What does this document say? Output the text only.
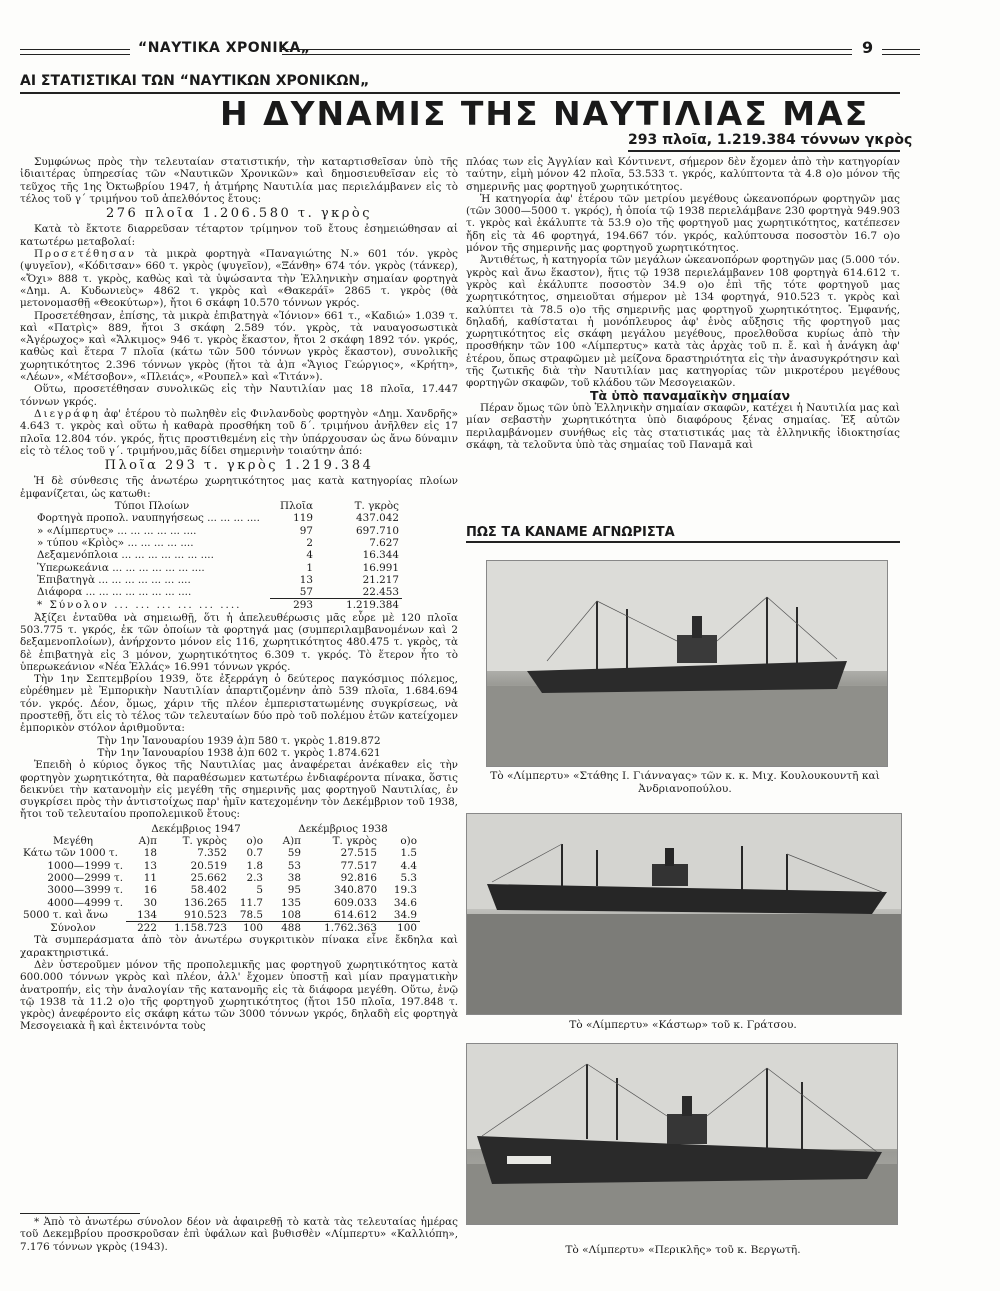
“ΝΑΥΤΙΚΑ ΧΡΟΝΙΚΑ„	9
ΑΙ ΣΤΑΤΙΣΤΙΚΑΙ ΤΩΝ “ΝΑΥΤΙΚΩΝ ΧΡΟΝΙΚΩΝ„
Η ΔΥΝΑΜΙΣ ΤΗΣ ΝΑΥΤΙΛΙΑΣ ΜΑΣ
293 πλοῖα, 1.219.384 τόννων γκρὸς

Συμφώνως πρὸς τὴν τελευταίαν στατιστικήν, τὴν καταρτισθεῖσαν ὑπὸ τῆς ἰδιαιτέρας ὑπηρεσίας τῶν «Ναυτικῶν Χρονικῶν» καὶ δημοσιευθεῖσαν εἰς τὸ τεῦχος τῆς 1ης Ὀκτωβρίου 1947, ἡ ἀτμήρης Ναυτιλία μας περιελάμβανεν εἰς τὸ τέλος τοῦ γ΄ τριμήνου τοῦ ἀπελθόντος ἔτους:

276 πλοῖα 1.206.580 τ. γκρὸς

Κατὰ τὸ ἔκτοτε διαρρεῦσαν τέταρτον τρίμηνον τοῦ ἔτους ἐσημειώθησαν αἱ κατωτέρω μεταβολαί:

Προσετέθησαν τὰ μικρὰ φορτηγὰ «Παναγιώτης Ν.» 601 τόν. γκρὸς (ψυγεῖον), «Κόδιτσαν» 660 τ. γκρὸς (ψυγεῖον), «Ξάνθη» 674 τόν. γκρὸς (τάνκερ), «Ὄχι» 888 τ. γκρὸς, καθὼς καὶ τὰ ὑψώσαντα τὴν Ἑλληνικὴν σημαίαν φορτηγὰ «Δημ. Α. Κυδωνιεὺς» 4862 τ. γκρὸς καὶ «Θακεράϊ» 2865 τ. γκρὸς (θὰ μετονομασθῇ «Θεοκύτωρ»), ἤτοι 6 σκάφη 10.570 τόννων γκρός.

Προσετέθησαν, ἐπίσης, τὰ μικρὰ ἐπιβατηγὰ «Ἰόνιον» 661 τ., «Καδιώ» 1.039 τ. καὶ «Πατρὶς» 889, ἤτοι 3 σκάφη 2.589 τόν. γκρὸς, τὰ ναυαγοσωστικὰ «Ἀγέρωχος» καὶ «Ἄλκιμος» 946 τ. γκρὸς ἕκαστον, ἤτοι 2 σκάφη 1892 τόν. γκρός, καθὼς καὶ ἕτερα 7 πλοῖα (κάτω τῶν 500 τόννων γκρὸς ἕκαστον), συνολικῆς χωρητικότητος 2.396 τόννων γκρὸς (ἤτοι τὰ ἀ)π «Ἅγιος Γεώργιος», «Κρήτη», «Λέων», «Μέτσοβον», «Πλειάς», «Ρουπελ» καὶ «Τιτάν»).

Οὕτω, προσετέθησαν συνολικῶς εἰς τὴν Ναυτιλίαν μας 18 πλοῖα, 17.447 τόννων γκρός.

Διεγράφη ἀφ' ἑτέρου τὸ πωληθὲν εἰς Φινλανδοὺς φορτηγὸν «Δημ. Χανδρῆς» 4.643 τ. γκρὸς καὶ οὕτω ἡ καθαρὰ προσθήκη τοῦ δ΄. τριμήνου ἀνῆλθεν εἰς 17 πλοῖα 12.804 τόν. γκρός, ἥτις προστιθεμένη εἰς τὴν ὑπάρχουσαν ὡς ἄνω δύναμιν εἰς τὸ τέλος τοῦ γ΄. τριμήνου,μᾶς δίδει σημερινὴν τοιαύτην ἀπό:

Πλοῖα 293 τ. γκρὸς 1.219.384

Ἡ δὲ σύνθεσις τῆς ἀνωτέρω χωρητικότητος μας κατὰ κατηγορίας πλοίων ἐμφανίζεται, ὡς κατωθι:

Τύποι Πλοίων	Πλοῖα	Τ. γκρὸς
Φορτηγὰ προπολ. ναυπηγήσεως ... ... ... ....	119	437.042
» «Λίμπερτυς» ... ... ... ... ... ....	97	697.710
» τύπου «Κρὶὸς» ... ... ... ... ....	2	7.627
Δεξαμενόπλοια ... ... ... ... ... ... ....	4	16.344
Ὑπερωκεάνια ... ... ... ... ... ... ....	1	16.991
Ἐπιβατηγὰ ... ... ... ... ... ... ....	13	21.217
Διάφορα ... ... ... ... ... ... ... ....	57	22.453
* Σύνολον ... ... ... ... ... ....	293	1.219.384

Ἀξίζει ἐνταῦθα νὰ σημειωθῇ, ὅτι ἡ ἀπελευθέρωσις μᾶς εὗρε μὲ 120 πλοῖα 503.775 τ. γκρός, ἐκ τῶν ὁποίων τὰ φορτηγά μας (συμπεριλαμβανομένων καὶ 2 δεξαμενοπλοίων), ἀνήρχοντο μόνον εἰς 116, χωρητικότητος 480.475 τ. γκρὸς, τὰ δὲ ἐπιβατηγὰ εἰς 3 μόνον, χωρητικότητος 6.309 τ. γκρός. Τὸ ἕτερον ἦτο τὸ ὑπερωκεάνιον «Νέα Ἑλλάς» 16.991 τόννων γκρός.

Τὴν 1ην Σεπτεμβρίου 1939, ὅτε ἐξερράγη ὁ δεύτερος παγκόσμιος πόλεμος, εὑρέθημεν μὲ Ἐμπορικὴν Ναυτιλίαν ἀπαρτιζομένην ἀπὸ 539 πλοῖα, 1.684.694 τόν. γκρός. Δέον, ὅμως, χάριν τῆς πλέον ἐμπεριστατωμένης συγκρίσεως, νὰ προστεθῇ, ὅτι εἰς τὸ τέλος τῶν τελευταίων δύο πρὸ τοῦ πολέμου ἐτῶν κατείχομεν ἐμπορικὸν στόλον ἀριθμοῦντα:

Τὴν 1ην Ἰανουαρίου 1939 ἀ)π 580 τ. γκρὸς 1.819.872

Τὴν 1ην Ἰανουαρίου 1938 ἀ)π 602 τ. γκρὸς 1.874.621

Ἐπειδὴ ὁ κύριος ὄγκος τῆς Ναυτιλίας μας ἀναφέρεται ἀνέκαθεν εἰς τὴν φορτηγὸν χωρητικότητα, θὰ παραθέσωμεν κατωτέρω ἐνδιαφέροντα πίνακα, ὅστις δεικνύει τὴν κατανομὴν εἰς μεγέθη τῆς σημερινῆς μας φορτηγοῦ Ναυτιλίας, ἐν συγκρίσει πρὸς τὴν ἀντιστοίχως παρ' ἡμῖν κατεχομένην τὸν Δεκέμβριον τοῦ 1938, ἤτοι τοῦ τελευταίου προπολεμικοῦ ἔτους:

	Δεκέμβριος 1947			Δεκέμβριος 1938		
Μεγέθη	Α)π	Τ. γκρὸς	ο)ο	Α)π	Τ. γκρὸς	ο)ο
Κάτω τῶν 1000 τ.	18	7.352	0.7	59	27.515	1.5
1000—1999 τ.	13	20.519	1.8	53	77.517	4.4
2000—2999 τ.	11	25.662	2.3	38	92.816	5.3
3000—3999 τ.	16	58.402	5	95	340.870	19.3
4000—4999 τ.	30	136.265	11.7	135	609.033	34.6
5000 τ. καὶ ἄνω	134	910.523	78.5	108	614.612	34.9
Σύνολον	222	1.158.723	100	488	1.762.363	100

Τὰ συμπεράσματα ἀπὸ τὸν ἀνωτέρω συγκριτικὸν πίνακα εἶνε ἔκδηλα καὶ χαρακτηριστικά.

Δὲν ὑστεροῦμεν μόνον τῆς προπολεμικῆς μας φορτηγοῦ χωρητικότητος κατὰ 600.000 τόννων γκρὸς καὶ πλέον, ἀλλ' ἔχομεν ὑποστῇ καὶ μίαν πραγματικὴν ἀνατροπήν, εἰς τὴν ἀναλογίαν τῆς κατανομῆς εἰς τὰ διάφορα μεγέθη. Οὕτω, ἐνῷ τῷ 1938 τὰ 11.2 ο)ο τῆς φορτηγοῦ χωρητικότητος (ἤτοι 150 πλοῖα, 197.848 τ. γκρὸς) ἀνεφέροντο εἰς σκάφη κάτω τῶν 3000 τόννων γκρός, δηλαδὴ εἰς φορτηγὰ Μεσογειακὰ ἢ καὶ ἐκτεινόντα τοὺς

* Ἀπὸ τὸ ἀνωτέρω σύνολον δέον νὰ ἀφαιρεθῇ τὸ κατὰ τὰς τελευταίας ἡμέρας τοῦ Δεκεμβρίου προσκροῦσαν ἐπὶ ὑφάλων καὶ βυθισθὲν «Λίμπερτυ» «Καλλιόπη», 7.176 τόννων γκρὸς (1943).

πλόας των εἰς Ἀγγλίαν καὶ Κόντινεντ, σήμερον δὲν ἔχομεν ἀπὸ τὴν κατηγορίαν ταύτην, εἰμὴ μόνον 42 πλοῖα, 53.533 τ. γκρός, καλύπτοντα τὰ 4.8 ο)ο μόνον τῆς σημερινῆς μας φορτηγοῦ χωρητικότητος.

Ἡ κατηγορία ἀφ' ἑτέρου τῶν μετρίου μεγέθους ὠκεανοπόρων φορτηγῶν μας (τῶν 3000—5000 τ. γκρός), ἡ ὁποία τῷ 1938 περιελάμβανε 230 φορτηγὰ 949.903 τ. γκρὸς καὶ ἐκάλυπτε τὰ 53.9 ο)ο τῆς φορτηγοῦ μας χωρητικότητος, κατέπεσεν ἤδη εἰς τὰ 46 φορτηγά, 194.667 τόν. γκρός, καλύπτουσα ποσοστὸν 16.7 ο)ο μόνον τῆς σημερινῆς μας φορτηγοῦ χωρητικότητος.

Ἀντιθέτως, ἡ κατηγορία τῶν μεγάλων ὠκεανοπόρων φορτηγῶν μας (5.000 τόν. γκρὸς καὶ ἄνω ἕκαστον), ἥτις τῷ 1938 περιελάμβανεν 108 φορτηγὰ 614.612 τ. γκρὸς καὶ ἐκάλυπτε ποσοστὸν 34.9 ο)ο ἐπὶ τῆς τότε φορτηγοῦ μας χωρητικότητος, σημειοῦται σήμερον μὲ 134 φορτηγά, 910.523 τ. γκρὸς καὶ καλύπτει τὰ 78.5 ο)ο τῆς σημερινῆς μας φορτηγοῦ χωρητικότητος. Ἐμφανής, δηλαδή, καθίσταται ἡ μονόπλευρος ἀφ' ἑνὸς αὔξησις τῆς φορτηγοῦ μας χωρητικότητος εἰς σκάφη μεγάλου μεγέθους, προελθοῦσα κυρίως ἀπὸ τὴν προσθήκην τῶν 100 «Λίμπερτυς» κατὰ τὰς ἀρχὰς τοῦ π. ἔ. καὶ ἡ ἀνάγκη ἀφ' ἑτέρου, ὅπως στραφῶμεν μὲ μείζονα δραστηριότητα εἰς τὴν ἀνασυγκρότησιν καὶ τῆς ζωτικῆς διὰ τὴν Ναυτιλίαν μας κατηγορίας τῶν μικροτέρου μεγέθους φορτηγῶν σκαφῶν, τοῦ κλάδου τῶν Μεσογειακῶν.

Τὰ ὑπὸ παναμαϊκὴν σημαίαν

Πέραν ὅμως τῶν ὑπὸ Ἑλληνικὴν σημαίαν σκαφῶν, κατέχει ἡ Ναυτιλία μας καὶ μίαν σεβαστὴν χωρητικότητα ὑπὸ διαφόρους ξένας σημαίας. Ἐξ αὐτῶν περιλαμβάνομεν συνήθως εἰς τὰς στατιστικάς μας τὰ ἑλληνικῆς ἰδιοκτησίας σκάφη, τὰ τελοῦντα ὑπὸ τὰς σημαίας τοῦ Παναμᾶ καὶ

ΠΩΣ ΤΑ ΚΑΝΑΜΕ ΑΓΝΩΡΙΣΤΑ
Τὸ «Λίμπερτυ» «Στάθης Ι. Γιάνναγας» τῶν κ. κ. Μιχ. Κουλουκουντῆ καὶ Ἀνδριανοπούλου.
Τὸ «Λίμπερτυ» «Κάστωρ» τοῦ κ. Γράτσου.
Τὸ «Λίμπερτυ» «Περικλῆς» τοῦ κ. Βεργωτῆ.
